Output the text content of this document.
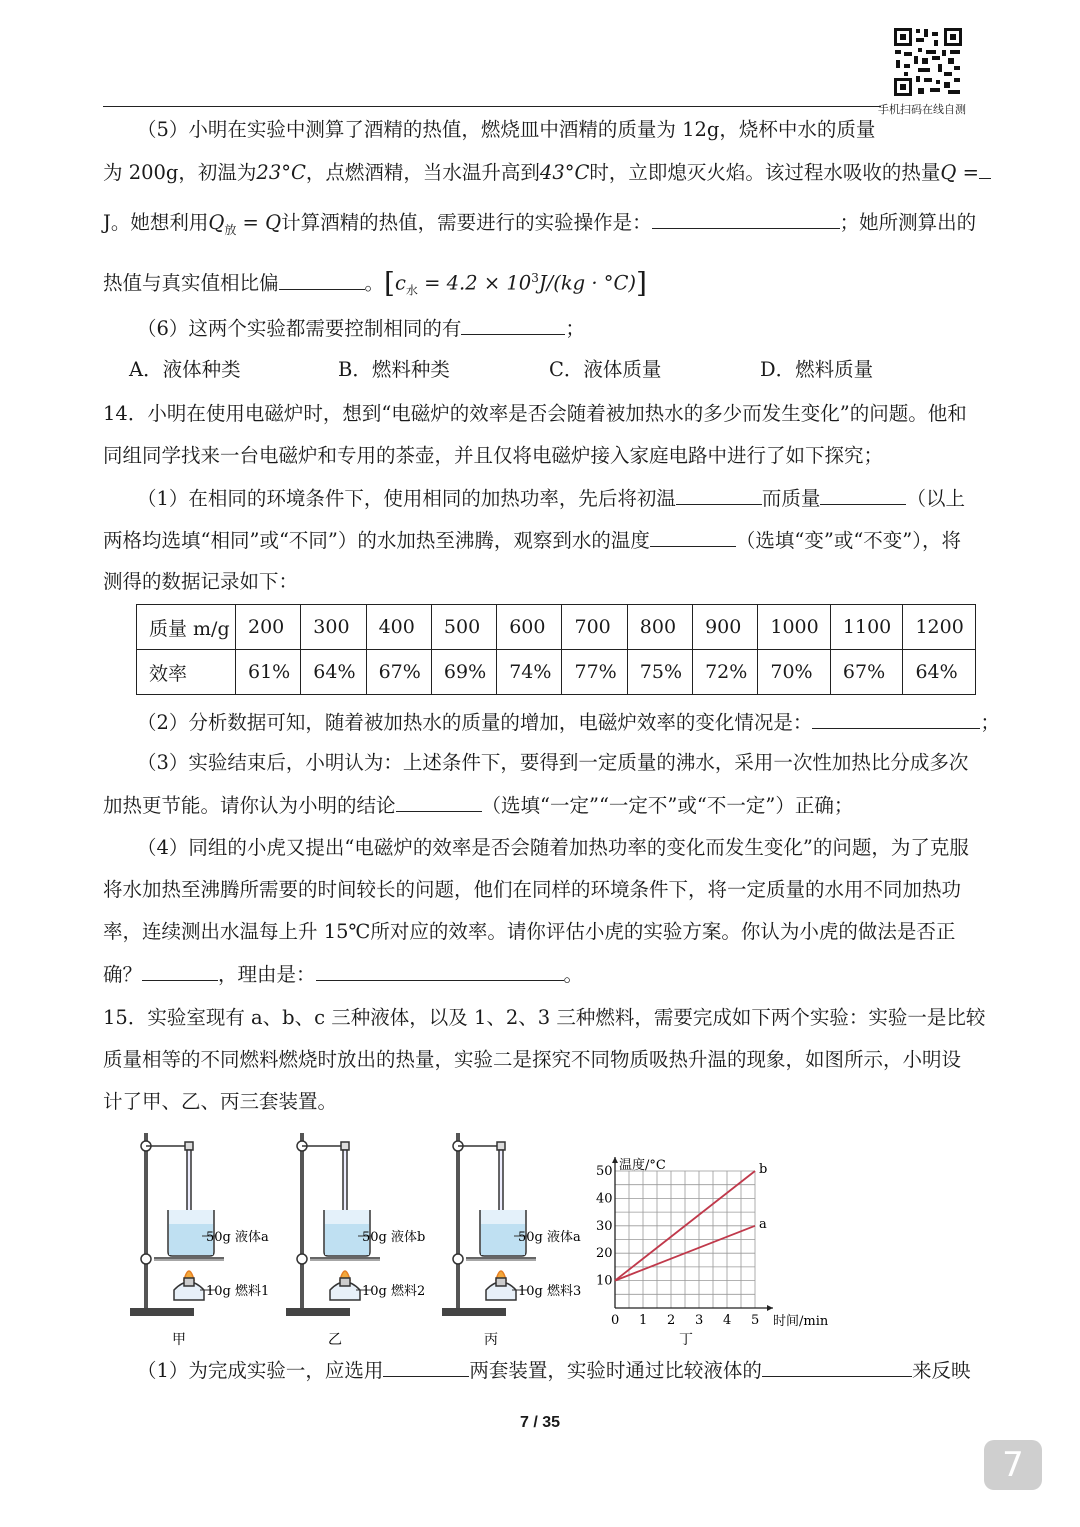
手机扫码在线自测
（5）小明在实验中测算了酒精的热值，燃烧皿中酒精的质量为 12g，烧杯中水的质量
为 200g，初温为23°C，点燃酒精，当水温升高到43°C时，立即熄灭火焰。该过程水吸收的热量Q =
J。她想利用$Q_放 = Q$计算酒精的热值，需要进行的实验操作是：	；她所测算出的
热值与真实值相比偏	。$[c_水 = 4.2 \times 10^3J/(kg \cdot ^\circ C)]$
（6）这两个实验都需要控制相同的有	；
A．液体种类	B．燃料种类	C．液体质量	D．燃料质量
14．小明在使用电磁炉时，想到“电磁炉的效率是否会随着被加热水的多少而发生变化”的问题。他和
同组同学找来一台电磁炉和专用的茶壶，并且仅将电磁炉接入家庭电路中进行了如下探究；
（1）在相同的环境条件下，使用相同的加热功率，先后将初温	而质量	（以上
两格均选填“相同”或“不同”）的水加热至沸腾，观察到水的温度	（选填“变”或“不变”），将
测得的数据记录如下：
质量 m/g	200	300	400	500	600	700	800	900	1000	1100	1200
效率	61%	64%	67%	69%	74%	77%	75%	72%	70%	67%	64%
（2）分析数据可知，随着被加热水的质量的增加，电磁炉效率的变化情况是：	；
（3）实验结束后，小明认为：上述条件下，要得到一定质量的沸水，采用一次性加热比分成多次
加热更节能。请你认为小明的结论	（选填“一定”“一定不”或“不一定”）正确；
（4）同组的小虎又提出“电磁炉的效率是否会随着加热功率的变化而发生变化”的问题，为了克服
将水加热至沸腾所需要的时间较长的问题，他们在同样的环境条件下，将一定质量的水用不同加热功
率，连续测出水温每上升 15℃所对应的效率。请你评估小虎的实验方案。你认为小虎的做法是否正
确？	，理由是：	。
15．实验室现有 a、b、c 三种液体，以及 1、2、3 三种燃料，需要完成如下两个实验：实验一是比较
质量相等的不同燃料燃烧时放出的热量，实验二是探究不同物质吸热升温的现象，如图所示，小明设
计了甲、乙、丙三套装置。
50g 液体a
10g 燃料1
50g 液体b
10g 燃料2
50g 液体a
10g 燃料3
甲	乙	丙
0 1 2 3 4 5
10
20
30
40
50 温度/°C
时间/min
丁
b
a
（1）为完成实验一，应选用	两套装置，实验时通过比较液体的	来反映
7 / 35
7
